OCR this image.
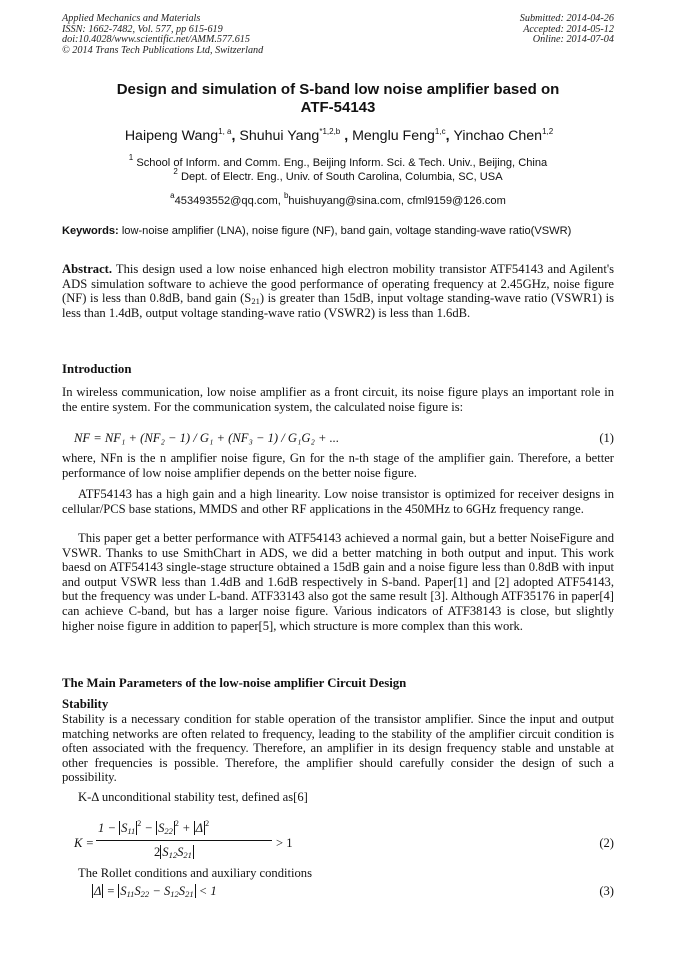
Applied Mechanics and Materials
ISSN: 1662-7482, Vol. 577, pp 615-619
doi:10.4028/www.scientific.net/AMM.577.615
© 2014 Trans Tech Publications Ltd, Switzerland
Submitted: 2014-04-26
Accepted: 2014-05-12
Online: 2014-07-04
Design and simulation of S-band low noise amplifier based on
ATF-54143
Haipeng Wang$^{1, a}$, Shuhui Yang$^{*1,2,b}$ , Menglu Feng$^{1,c}$, Yinchao Chen$^{1,2}$
$^1$ School of Inform. and Comm. Eng., Beijing Inform. Sci. & Tech. Univ., Beijing, China
$^2$ Dept. of Electr. Eng., Univ. of South Carolina, Columbia, SC, USA
$^a$453493552@qq.com, $^b$huishuyang@sina.com, cfml9159@126.com
Keywords: low-noise amplifier (LNA), noise figure (NF), band gain, voltage standing-wave ratio(VSWR)
Abstract. This design used a low noise enhanced high electron mobility transistor ATF54143 and Agilent's ADS simulation software to achieve the good performance of operating frequency at 2.45GHz, noise figure (NF) is less than 0.8dB, band gain $(S_{21})$ is greater than 15dB, input voltage standing-wave ratio (VSWR1) is less than 1.4dB, output voltage standing-wave ratio (VSWR2) is less than 1.6dB.
Introduction
In wireless communication, low noise amplifier as a front circuit, its noise figure plays an important role in the entire system. For the communication system, the calculated noise figure is:
NF = NF₁ + (NF₂ − 1) / G₁ + (NF₃ − 1) / G₁G₂ + ...	(1)
where, NFn is the n amplifier noise figure, Gn for the n-th stage of the amplifier gain. Therefore, a better performance of low noise amplifier depends on the better noise figure.
ATF54143 has a high gain and a high linearity. Low noise transistor is optimized for receiver designs in cellular/PCS base stations, MMDS and other RF applications in the 450MHz to 6GHz frequency range.
This paper get a better performance with ATF54143 achieved a normal gain, but a better NoiseFigure and VSWR. Thanks to use SmithChart in ADS, we did a better matching in both output and input. This work baesd on ATF54143 single-stage structure obtained a 15dB gain and a noise figure less than 0.8dB with input and output VSWR less than 1.4dB and 1.6dB respectively in S-band. Paper[1] and [2] adopted ATF54143, but the frequency was under L-band. ATF33143 also got the same result [3]. Although ATF35176 in paper[4] can achieve C-band, but has a larger noise figure. Various indicators of ATF38143 is close, but slightly higher noise figure in addition to paper[5], which structure is more complex than this work.
The Main Parameters of the low-noise amplifier Circuit Design
Stability
Stability is a necessary condition for stable operation of the transistor amplifier. Since the input and output matching networks are often related to frequency, leading to the stability of the amplifier circuit condition is often associated with the frequency. Therefore, an amplifier in its design frequency stable and unstable at other frequencies is possible. Therefore, the amplifier should carefully consider the design of such a possibility.
K-Δ unconditional stability test, defined as[6]
K =
$1 - S_{11}^2 - S_{22}^2 + \Delta$ $^2$
2 $S_{12}S_{21}$
> 1	(2)
The Rollet conditions and auxiliary conditions
$\Delta = S_{11}S_{22} - S_{12}S_{21} < 1$	(3)
